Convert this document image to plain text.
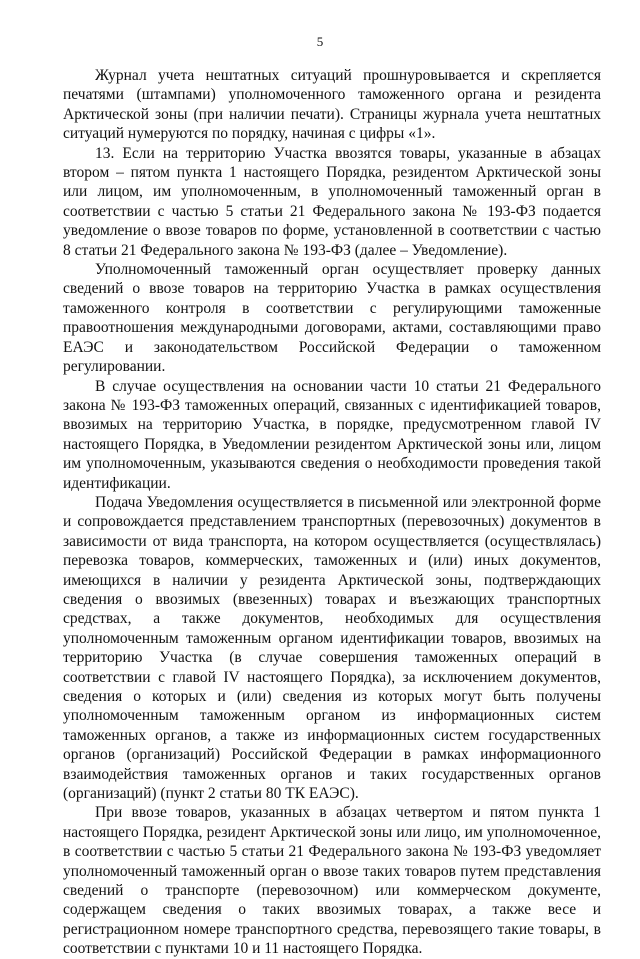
5

Журнал учета нештатных ситуаций прошнуровывается и скрепляется печатями (штампами) уполномоченного таможенного органа и резидента Арктической зоны (при наличии печати). Страницы журнала учета нештатных ситуаций нумеруются по порядку, начиная с цифры «1».

13. Если на территорию Участка ввозятся товары, указанные в абзацах втором – пятом пункта 1 настоящего Порядка, резидентом Арктической зоны или лицом, им уполномоченным, в уполномоченный таможенный орган в соответствии с частью 5 статьи 21 Федерального закона № 193-ФЗ подается уведомление о ввозе товаров по форме, установленной в соответствии с частью 8 статьи 21 Федерального закона № 193-ФЗ (далее – Уведомление).

Уполномоченный таможенный орган осуществляет проверку данных сведений о ввозе товаров на территорию Участка в рамках осуществления таможенного контроля в соответствии с регулирующими таможенные правоотношения международными договорами, актами, составляющими право ЕАЭС и законодательством Российской Федерации о таможенном регулировании.

В случае осуществления на основании части 10 статьи 21 Федерального закона № 193-ФЗ таможенных операций, связанных с идентификацией товаров, ввозимых на территорию Участка, в порядке, предусмотренном главой IV настоящего Порядка, в Уведомлении резидентом Арктической зоны или, лицом им уполномоченным, указываются сведения о необходимости проведения такой идентификации.

Подача Уведомления осуществляется в письменной или электронной форме и сопровождается представлением транспортных (перевозочных) документов в зависимости от вида транспорта, на котором осуществляется (осуществлялась) перевозка товаров, коммерческих, таможенных и (или) иных документов, имеющихся в наличии у резидента Арктической зоны, подтверждающих сведения о ввозимых (ввезенных) товарах и въезжающих транспортных средствах, а также документов, необходимых для осуществления уполномоченным таможенным органом идентификации товаров, ввозимых на территорию Участка (в случае совершения таможенных операций в соответствии с главой IV настоящего Порядка), за исключением документов, сведения о которых и (или) сведения из которых могут быть получены уполномоченным таможенным органом из информационных систем таможенных органов, а также из информационных систем государственных органов (организаций) Российской Федерации в рамках информационного взаимодействия таможенных органов и таких государственных органов (организаций) (пункт 2 статьи 80 ТК ЕАЭС).

При ввозе товаров, указанных в абзацах четвертом и пятом пункта 1 настоящего Порядка, резидент Арктической зоны или лицо, им уполномоченное, в соответствии с частью 5 статьи 21 Федерального закона № 193-ФЗ уведомляет уполномоченный таможенный орган о ввозе таких товаров путем представления сведений о транспорте (перевозочном) или коммерческом документе, содержащем сведения о таких ввозимых товарах, а также весе и регистрационном номере транспортного средства, перевозящего такие товары, в соответствии с пунктами 10 и 11 настоящего Порядка.
